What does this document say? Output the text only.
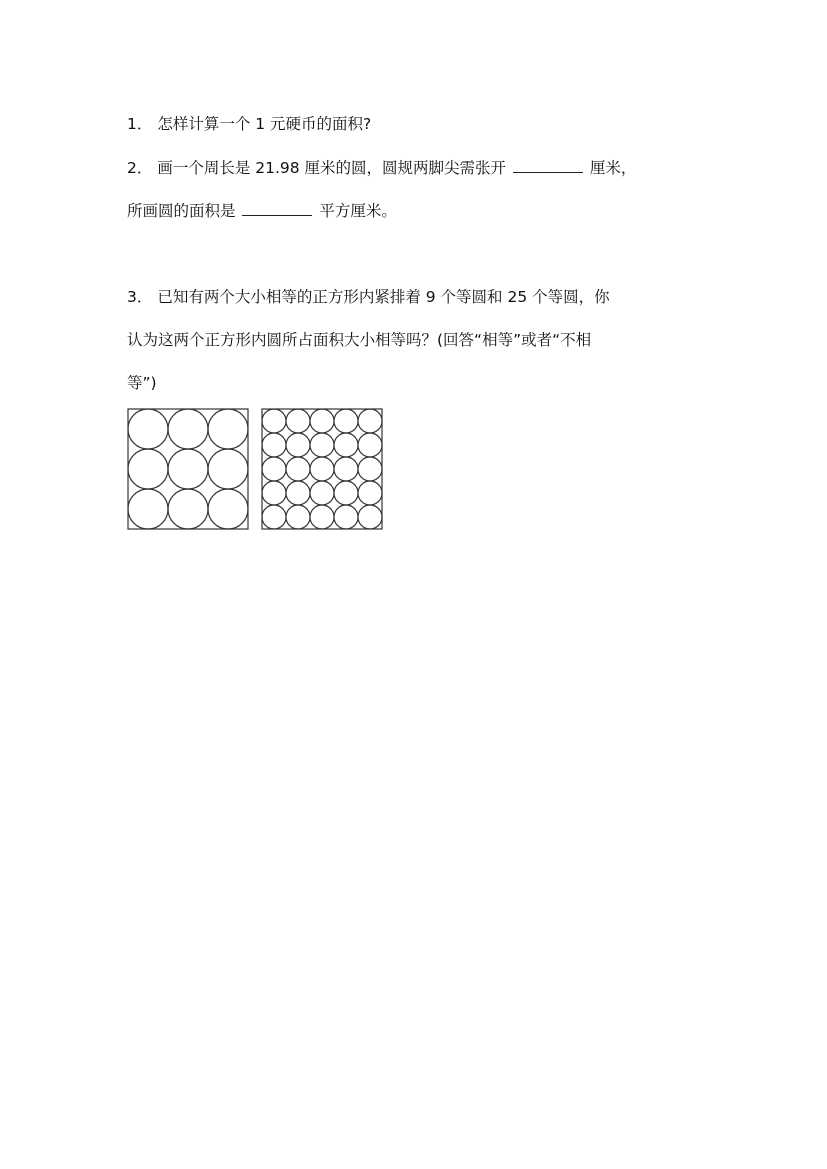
1． 怎样计算一个 1 元硬币的面积?
2． 画一个周长是 21.98 厘米的圆，圆规两脚尖需张开	厘米，
所画圆的面积是	平方厘米。
3． 已知有两个大小相等的正方形内紧排着 9 个等圆和 25 个等圆，你
认为这两个正方形内圆所占面积大小相等吗？(回答“相等”或者“不相
等”)
